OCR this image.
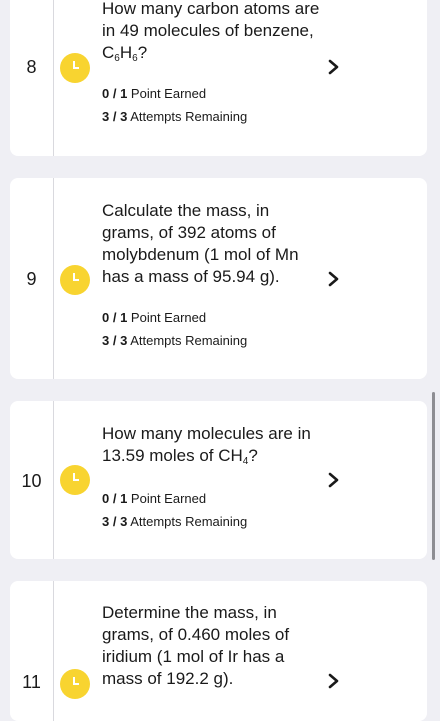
8
How many carbon atoms are in 49 molecules of benzene, $C_6H_6$?
0 / 1 Point Earned
3 / 3 Attempts Remaining
9
Calculate the mass, in grams, of 392 atoms of molybdenum (1 mol of Mn has a mass of 95.94 g).
0 / 1 Point Earned
3 / 3 Attempts Remaining
10
How many molecules are in 13.59 moles of $CH_4$?
0 / 1 Point Earned
3 / 3 Attempts Remaining
11
Determine the mass, in grams, of 0.460 moles of iridium (1 mol of Ir has a mass of 192.2 g).
